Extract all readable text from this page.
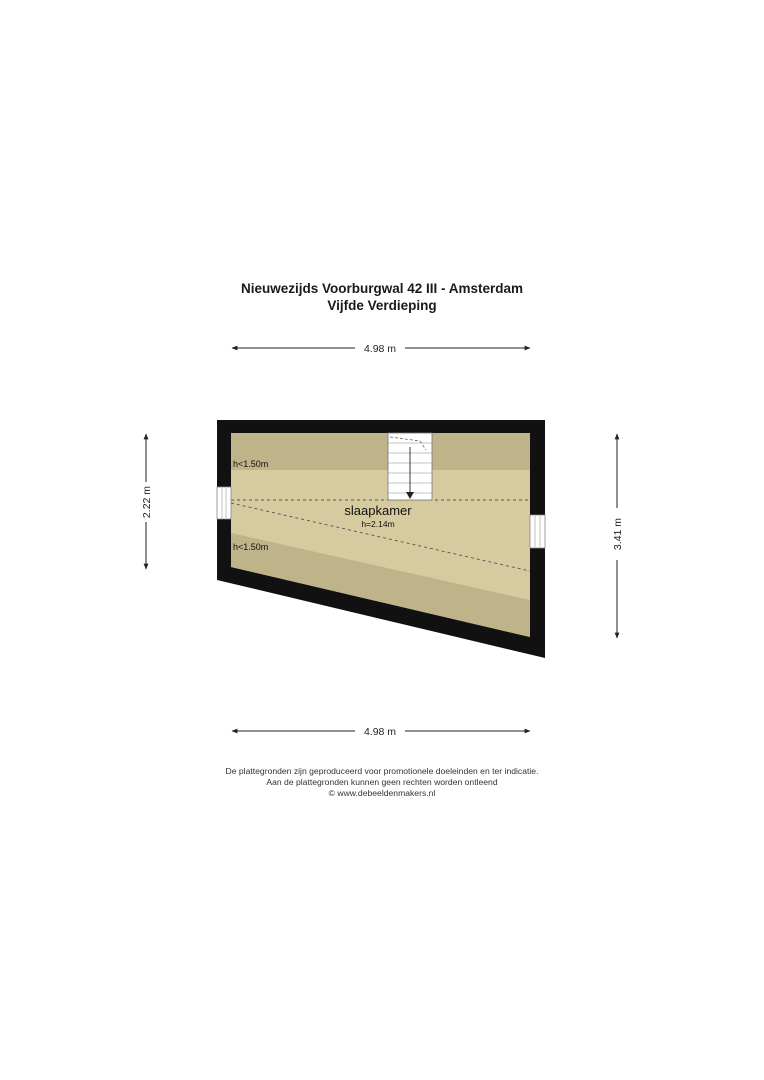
Nieuwezijds Voorburgwal 42 III - Amsterdam
Vijfde Verdieping
4.98 m
2.22 m
3.41 m
4.98 m
h<1.50m
h<1.50m
slaapkamer
h=2.14m
De plattegronden zijn geproduceerd voor promotionele doeleinden en ter indicatie.
Aan de plattegronden kunnen geen rechten worden ontleend
© www.debeeldenmakers.nl
